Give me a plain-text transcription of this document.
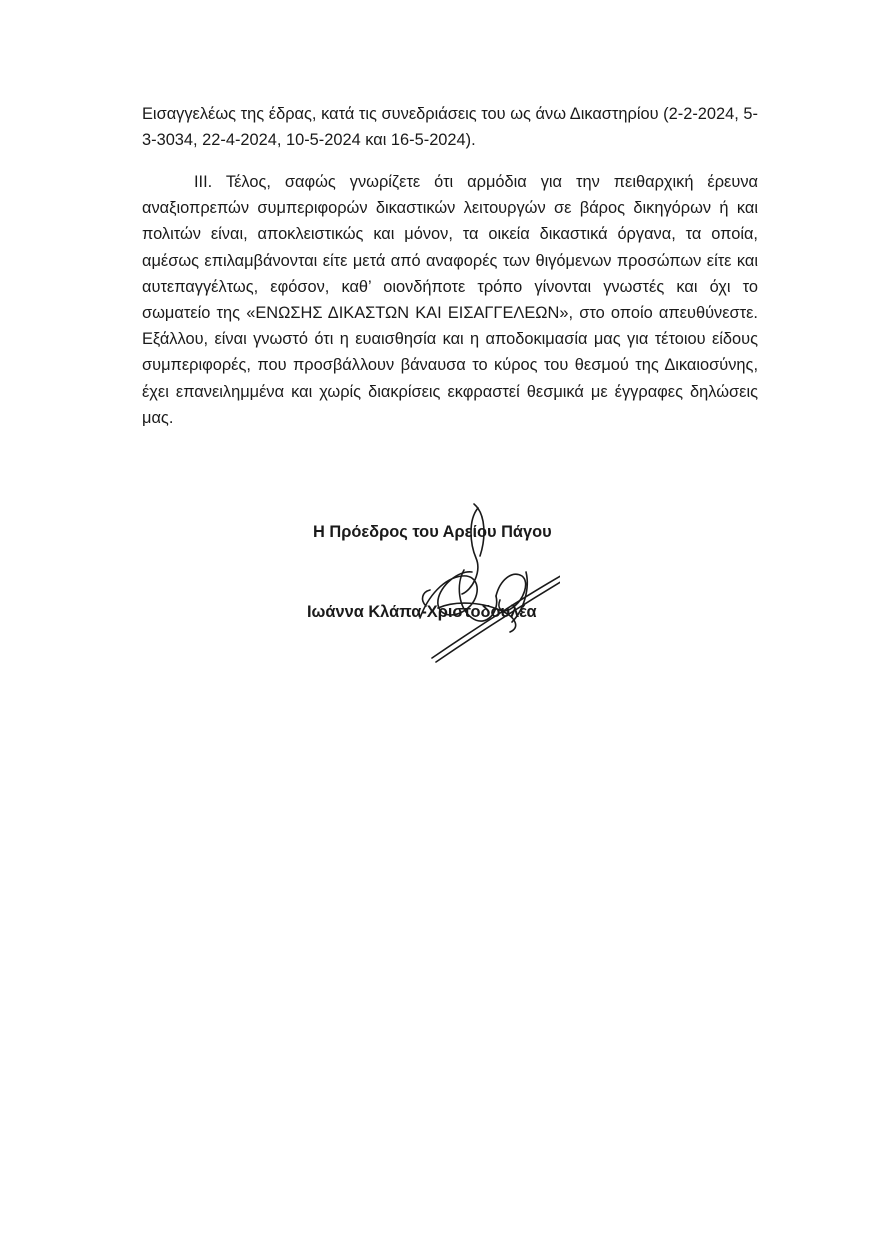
Εισαγγελέως της έδρας, κατά τις συνεδριάσεις του ως άνω Δικαστηρίου (2-2-2024, 5-3-3034, 22-4-2024, 10-5-2024 και 16-5-2024).

ΙΙΙ. Τέλος, σαφώς γνωρίζετε ότι αρμόδια για την πειθαρχική έρευνα αναξιοπρεπών συμπεριφορών δικαστικών λειτουργών σε βάρος δικηγόρων ή και πολιτών είναι, αποκλειστικώς και μόνον, τα οικεία δικαστικά όργανα, τα οποία, αμέσως επιλαμβάνονται είτε μετά από αναφορές των θιγόμενων προσώπων είτε και αυτεπαγγέλτως, εφόσον, καθ’ οιονδήποτε τρόπο γίνονται γνωστές και όχι το σωματείο της «ΕΝΩΣΗΣ ΔΙΚΑΣΤΩΝ ΚΑΙ ΕΙΣΑΓΓΕΛΕΩΝ», στο οποίο απευθύνεστε. Εξάλλου, είναι γνωστό ότι η ευαισθησία και η αποδοκιμασία μας για τέτοιου είδους συμπεριφορές, που προσβάλλουν βάναυσα το κύρος του θεσμού της Δικαιοσύνης, έχει επανειλημμένα και χωρίς διακρίσεις εκφραστεί θεσμικά με έγγραφες δηλώσεις μας.

Η Πρόεδρος του Αρείου Πάγου
Ιωάννα Κλάπα-Χριστοδουλέα
